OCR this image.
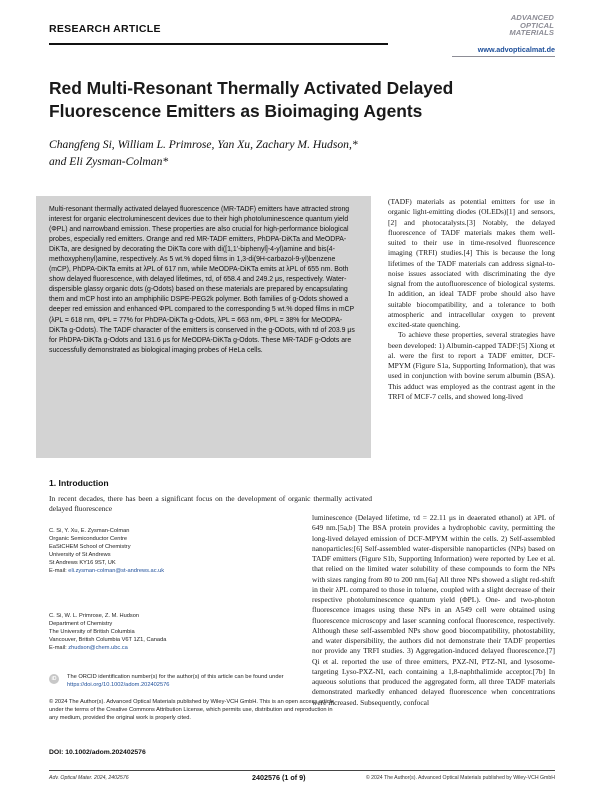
RESEARCH ARTICLE
ADVANCED
OPTICAL
MATERIALS
www.advopticalmat.de
Red Multi-Resonant Thermally Activated Delayed Fluorescence Emitters as Bioimaging Agents
Changfeng Si, William L. Primrose, Yan Xu, Zachary M. Hudson,*
and Eli Zysman-Colman*
Multi-resonant thermally activated delayed fluorescence (MR-TADF) emitters have attracted strong interest for organic electroluminescent devices due to their high photoluminescence quantum yield (ΦPL) and narrowband emission. These properties are also crucial for high-performance biological probes, especially red emitters. Orange and red MR-TADF emitters, PhDPA-DiKTa and MeODPA-DiKTa, are designed by decorating the DiKTa core with di([1,1′-biphenyl]-4-yl)amine and bis(4-methoxyphenyl)amine, respectively. As 5 wt.% doped films in 1,3-di(9H-carbazol-9-yl)benzene (mCP), PhDPA-DiKTa emits at λPL of 617 nm, while MeODPA-DiKTa emits at λPL of 655 nm. Both show delayed fluorescence, with delayed lifetimes, τd, of 658.4 and 249.2 μs, respectively. Water-dispersible glassy organic dots (g-Odots) based on these materials are prepared by encapsulating them and mCP host into an amphiphilic DSPE-PEG2k polymer. Both families of g-Odots showed a deeper red emission and enhanced ΦPL compared to the corresponding 5 wt.% doped films in mCP (λPL = 618 nm, ΦPL = 77% for PhDPA-DiKTa g-Odots, λPL = 663 nm, ΦPL = 38% for MeODPA-DiKTa g-Odots). The TADF character of the emitters is conserved in the g-ODots, with τd of 203.9 μs for PhDPA-DiKTa g-Odots and 131.6 μs for MeODPA-DiKTa g-Odots. These MR-TADF g-Odots are successfully demonstrated as biological imaging probes of HeLa cells.
1. Introduction
In recent decades, there has been a significant focus on the development of organic thermally activated delayed fluorescence
C. Si, Y. Xu, E. Zysman-Colman
Organic Semiconductor Centre
EaStCHEM School of Chemistry
University of St Andrews
St Andrews KY16 9ST, UK
E-mail: eli.zysman-colman@st-andrews.ac.uk
C. Si, W. L. Primrose, Z. M. Hudson
Department of Chemistry
The University of British Columbia
Vancouver, British Columbia V6T 1Z1, Canada
E-mail: zhudson@chem.ubc.ca
iD	The ORCID identification number(s) for the author(s) of this article can be found under https://doi.org/10.1002/adom.202402576
© 2024 The Author(s). Advanced Optical Materials published by Wiley-VCH GmbH. This is an open access article under the terms of the Creative Commons Attribution License, which permits use, distribution and reproduction in any medium, provided the original work is properly cited.
DOI: 10.1002/adom.202402576

(TADF) materials as potential emitters for use in organic light-emitting diodes (OLEDs)[1] and sensors,[2] and photocatalysts.[3] Notably, the delayed fluorescence of TADF materials makes them well-suited to their use in time-resolved fluorescence imaging (TRFI) studies.[4] This is because the long lifetimes of the TADF materials can address signal-to-noise issues associated with discriminating the dye signal from the autofluorescence of biological systems. In addition, an ideal TADF probe should also have suitable biocompatibility, and a tolerance to both atmospheric and intracellular oxygen to prevent excited-state quenching.

To achieve these properties, several strategies have been developed: 1) Albumin-capped TADF:[5] Xiong et al. were the first to report a TADF emitter, DCF-MPYM (Figure S1a, Supporting Information), that was used in conjunction with bovine serum albumin (BSA). This adduct was employed as the contrast agent in the TRFI of MCF-7 cells, and showed long-lived

luminescence (Delayed lifetime, τd = 22.11 μs in deaerated ethanol) at λPL of 649 nm.[5a,b] The BSA protein provides a hydrophobic cavity, permitting the long-lived delayed emission of DCF-MPYM within the cells. 2) Self-assembled nanoparticles:[6] Self-assembled water-dispersible nanoparticles (NPs) based on TADF emitters (Figure S1b, Supporting Information) were reported by Lee et al. that relied on the limited water solubility of these compounds to form the NPs with sizes ranging from 80 to 200 nm.[6a] All three NPs showed a slight red-shift in their λPL compared to those in toluene, coupled with a slight decrease of their respective photoluminescence quantum yield (ΦPL). One- and two-photon fluorescence images using these NPs in an A549 cell were obtained using fluorescence microscopy and laser scanning confocal fluorescence, respectively. Although these self-assembled NPs show good biocompatibility, photostability, and water dispersibility, the authors did not demonstrate their TADF properties nor provide any TRFI studies. 3) Aggregation-induced delayed fluorescence.[7] Qi et al. reported the use of three emitters, PXZ-NI, PTZ-NI, and lysosome-targeting Lyso-PXZ-NI, each containing a 1,8-naphthalimide acceptor.[7b] In aqueous solutions that produced the aggregated form, all three TADF materials demonstrated markedly enhanced delayed fluorescence when concentrations were increased. Subsequently, confocal

Adv. Optical Mater. 2024, 2402576	2402576 (1 of 9)	© 2024 The Author(s). Advanced Optical Materials published by Wiley-VCH GmbH
